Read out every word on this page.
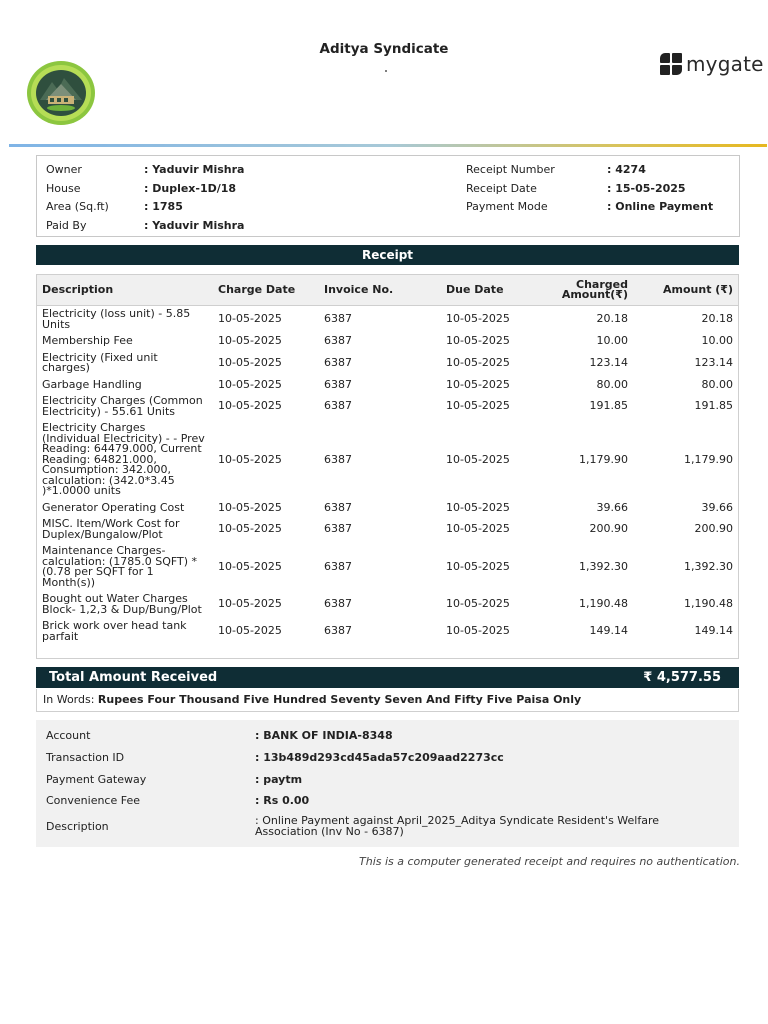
Aditya Syndicate
mygate
Owner	: Yaduvir Mishra
House	: Duplex-1D/18
Area (Sq.ft)	: 1785
Paid By	: Yaduvir Mishra
Receipt Number	: 4274
Receipt Date	: 15-05-2025
Payment Mode	: Online Payment
Receipt
Description	Charge Date	Invoice No.	Due Date	Charged Amount(₹)	Amount (₹)
Electricity (loss unit) - 5.85 Units	10-05-2025	6387	10-05-2025	20.18	20.18
Membership Fee	10-05-2025	6387	10-05-2025	10.00	10.00
Electricity (Fixed unit charges)	10-05-2025	6387	10-05-2025	123.14	123.14
Garbage Handling	10-05-2025	6387	10-05-2025	80.00	80.00
Electricity Charges (Common Electricity) - 55.61 Units	10-05-2025	6387	10-05-2025	191.85	191.85
Electricity Charges (Individual Electricity) - - Prev Reading: 64479.000, Current Reading: 64821.000, Consumption: 342.000, calculation: (342.0*3.45 )*1.0000 units	10-05-2025	6387	10-05-2025	1,179.90	1,179.90
Generator Operating Cost	10-05-2025	6387	10-05-2025	39.66	39.66
MISC. Item/Work Cost for Duplex/Bungalow/Plot	10-05-2025	6387	10-05-2025	200.90	200.90
Maintenance Charges- calculation: (1785.0 SQFT) * (0.78 per SQFT for 1 Month(s))	10-05-2025	6387	10-05-2025	1,392.30	1,392.30
Bought out Water Charges Block- 1,2,3 & Dup/Bung/Plot	10-05-2025	6387	10-05-2025	1,190.48	1,190.48
Brick work over head tank parfait	10-05-2025	6387	10-05-2025	149.14	149.14
Total Amount Received	₹ 4,577.55
In Words: Rupees Four Thousand Five Hundred Seventy Seven And Fifty Five Paisa Only
Account	: BANK OF INDIA-8348
Transaction ID	: 13b489d293cd45ada57c209aad2273cc
Payment Gateway	: paytm
Convenience Fee	: Rs 0.00
Description	: Online Payment against April_2025_Aditya Syndicate Resident's Welfare Association (Inv No - 6387)
This is a computer generated receipt and requires no authentication.
